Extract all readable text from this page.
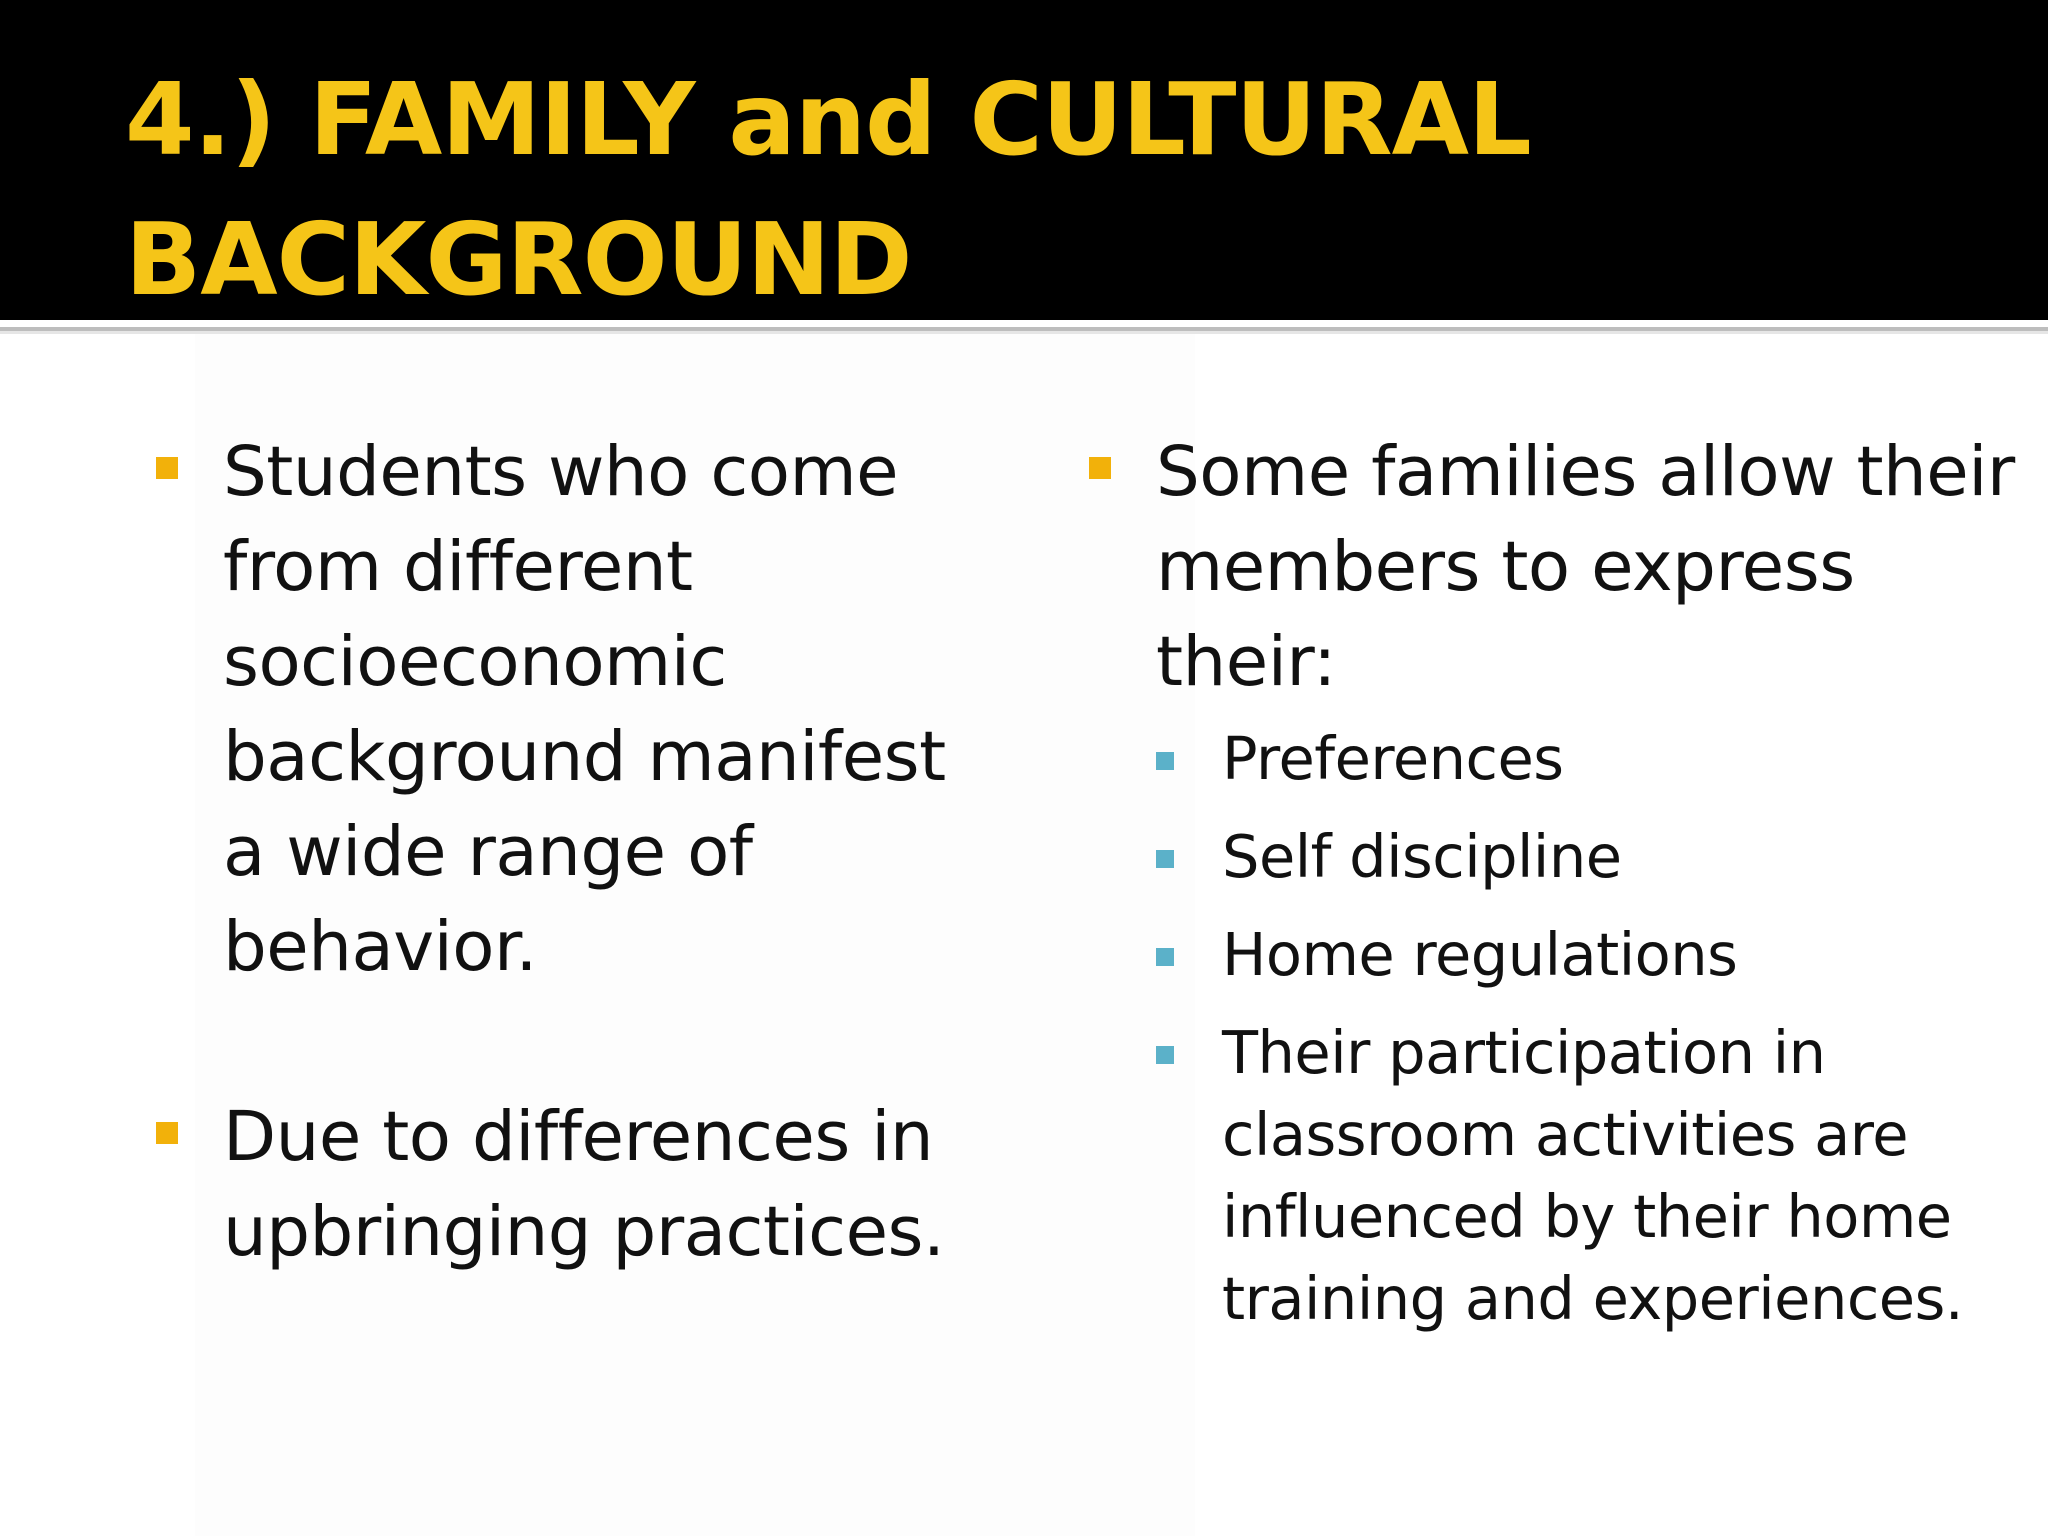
4.) FAMILY and CULTURAL
BACKGROUND
Students who come from different socioeconomic background manifest a wide range of behavior.
Due to differences in upbringing practices.
Some families allow their members to express their:
Preferences
Self discipline
Home regulations
Their participation in classroom activities are influenced by their home training and experiences.
